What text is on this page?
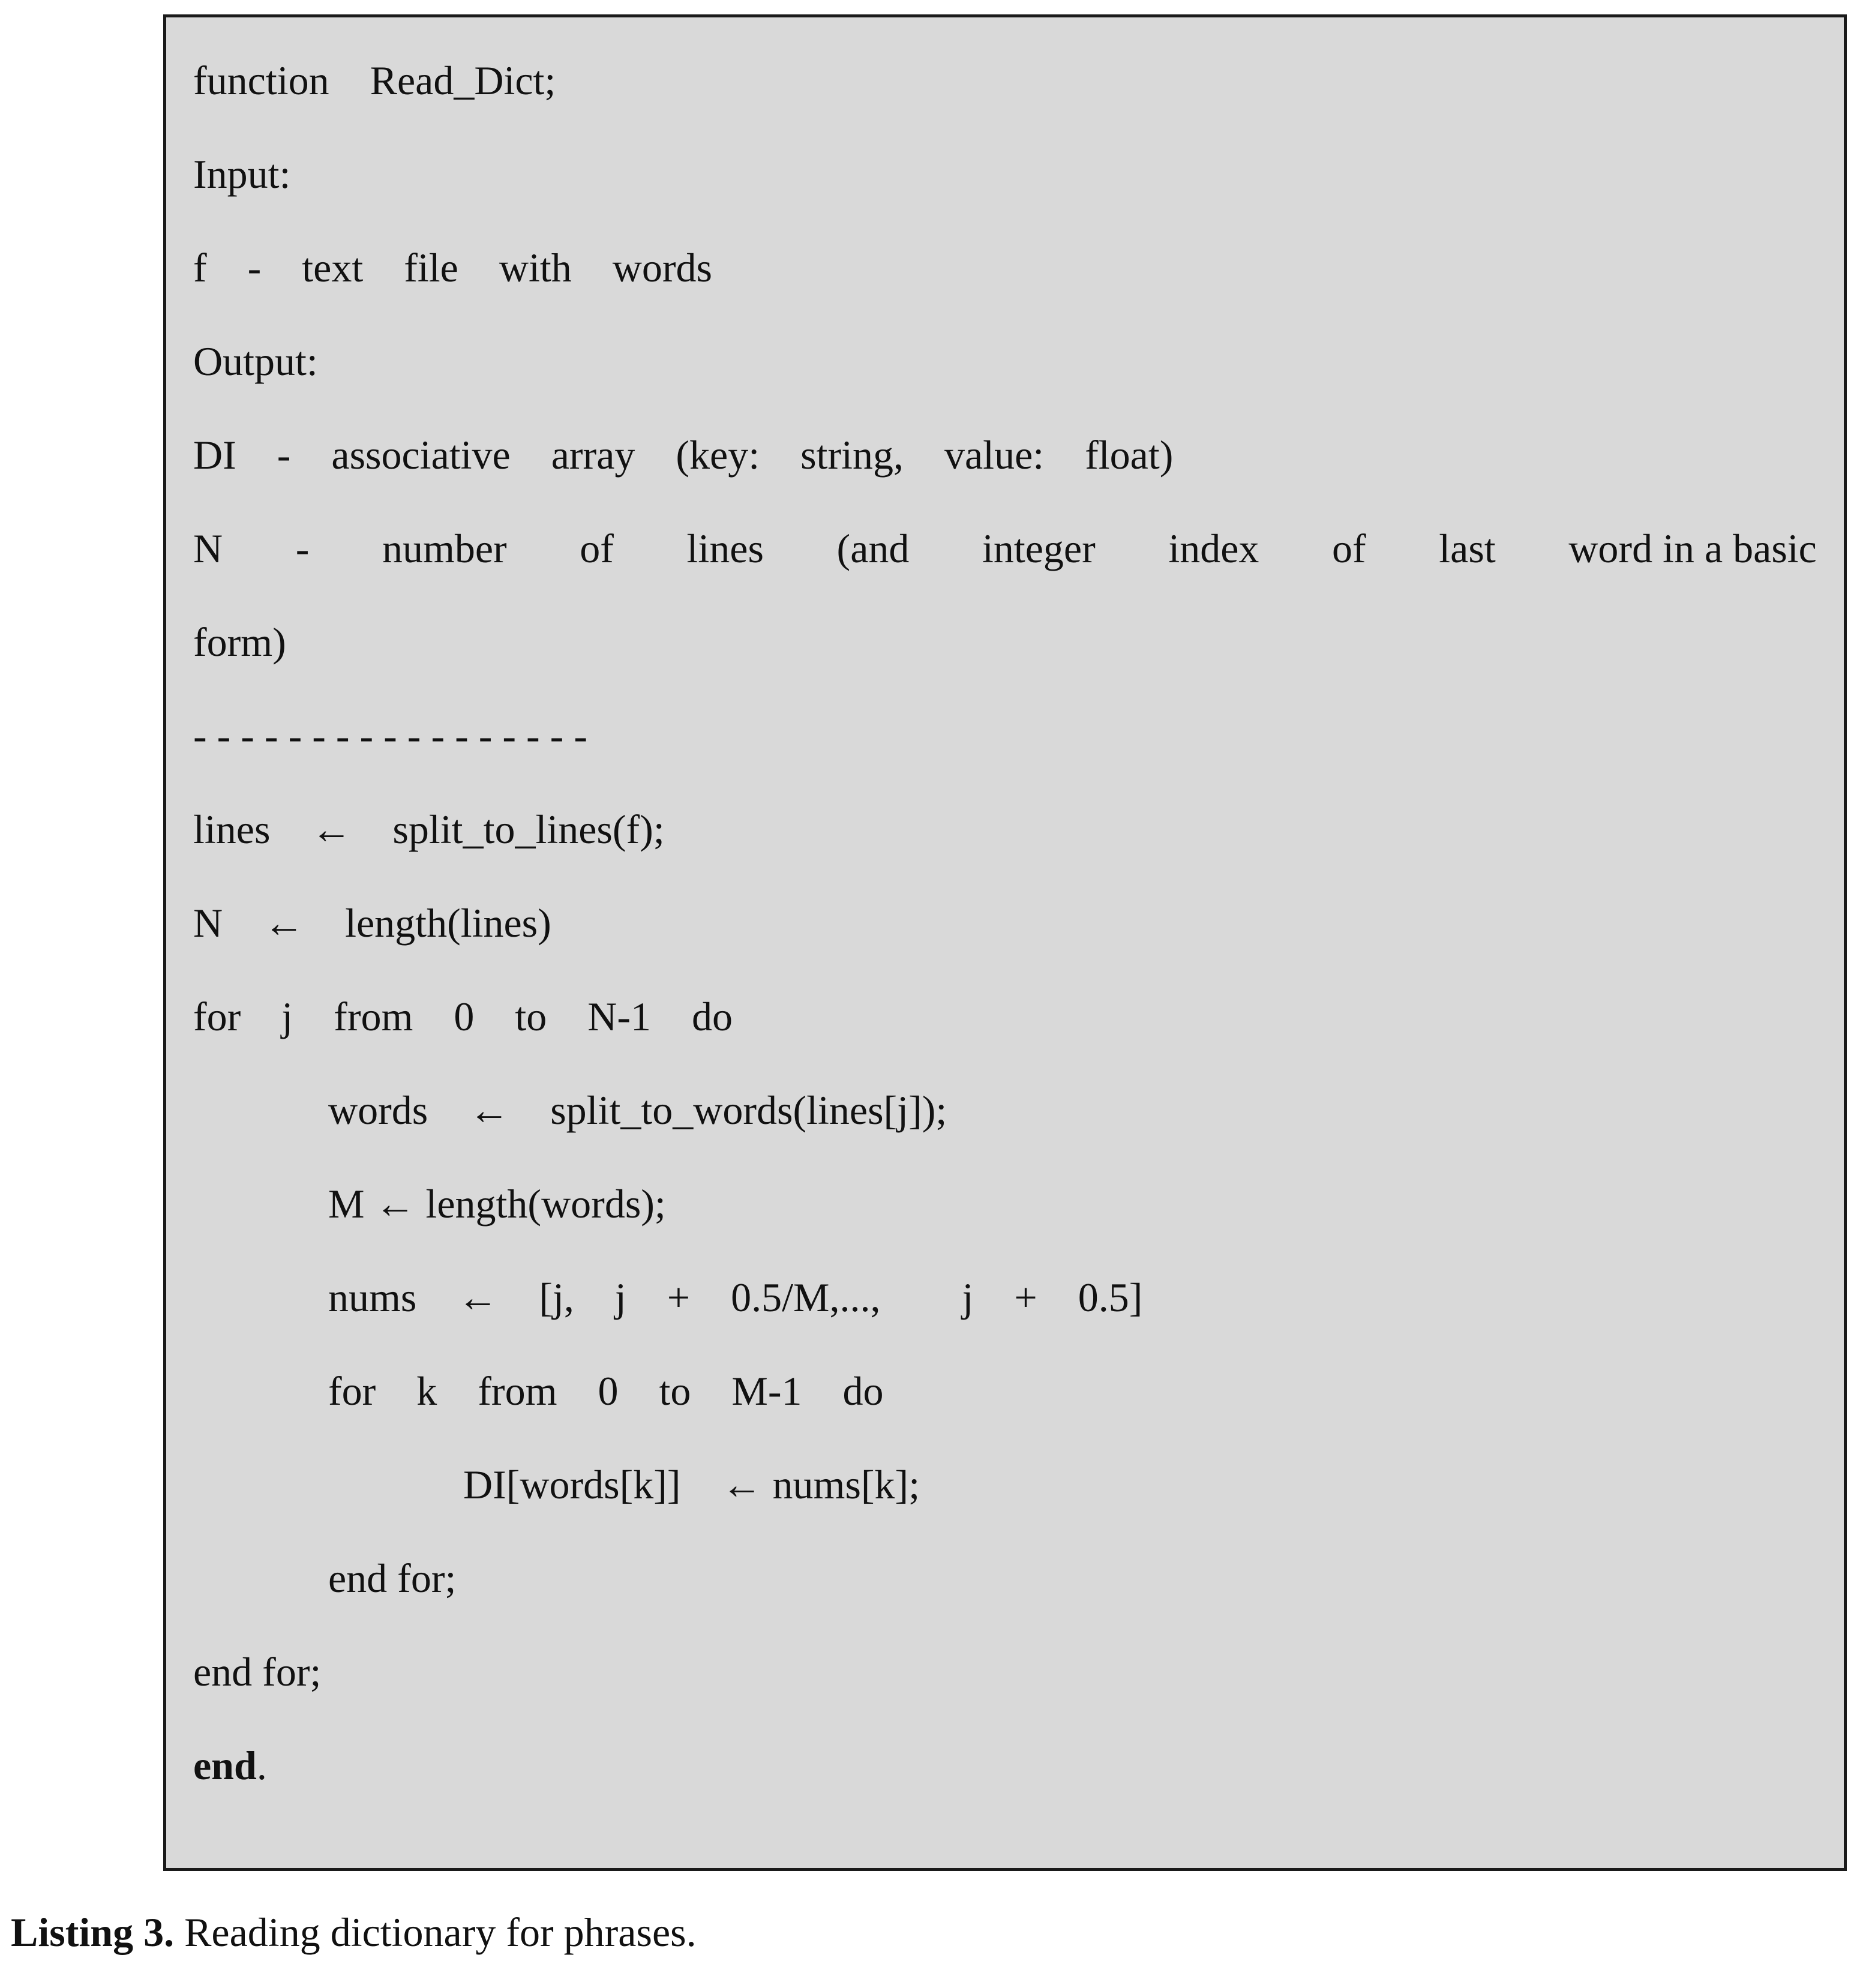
function    Read_Dict;
Input:
f    -    text    file    with    words
Output:
DI    -    associative    array    (key:    string,    value:    float)
N - number of lines (and integer index of last word in a basic
form)
- - - - - - - - - - - - - - - - -
lines    ←    split_to_lines(f);
N    ←    length(lines)
for    j    from    0    to    N-1    do
words    ←    split_to_words(lines[j]);
M ← length(words);
nums    ←    [j,    j    +    0.5/M,...,        j    +    0.5]
for    k    from    0    to    M-1    do
DI[words[k]]    ← nums[k];
end for;
end for;
end.
Listing 3. Reading dictionary for phrases.
